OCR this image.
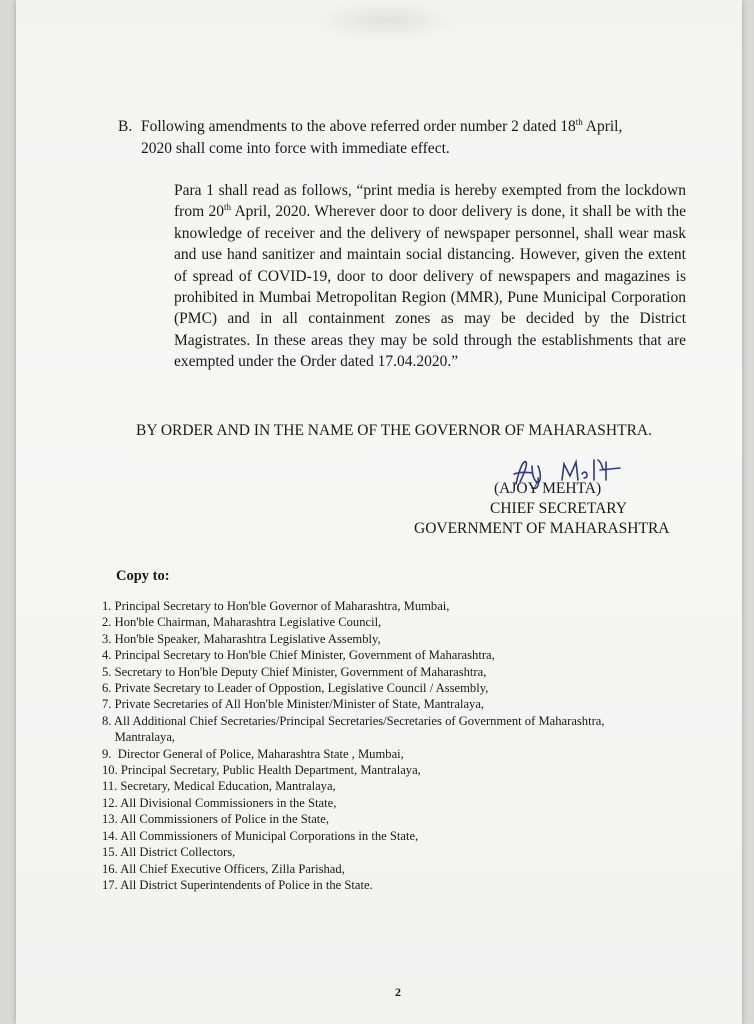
B. Following amendments to the above referred order number 2 dated 18th April,
2020 shall come into force with immediate effect.

Para 1 shall read as follows, “print media is hereby exempted from the lockdown from 20th April, 2020. Wherever door to door delivery is done, it shall be with the knowledge of receiver and the delivery of newspaper personnel, shall wear mask and use hand sanitizer and maintain social distancing. However, given the extent of spread of COVID-19, door to door delivery of newspapers and magazines is prohibited in Mumbai Metropolitan Region (MMR), Pune Municipal Corporation (PMC) and in all containment zones as may be decided by the District Magistrates. In these areas they may be sold through the establishments that are exempted under the Order dated 17.04.2020.”

BY ORDER AND IN THE NAME OF THE GOVERNOR OF MAHARASHTRA.

(AJOY MEHTA)
CHIEF SECRETARY
GOVERNMENT OF MAHARASHTRA
Copy to:
1. Principal Secretary to Hon'ble Governor of Maharashtra, Mumbai,
2. Hon'ble Chairman, Maharashtra Legislative Council,
3. Hon'ble Speaker, Maharashtra Legislative Assembly,
4. Principal Secretary to Hon'ble Chief Minister, Government of Maharashtra,
5. Secretary to Hon'ble Deputy Chief Minister, Government of Maharashtra,
6. Private Secretary to Leader of Oppostion, Legislative Council / Assembly,
7. Private Secretaries of All Hon'ble Minister/Minister of State, Mantralaya,
8. All Additional Chief Secretaries/Principal Secretaries/Secretaries of Government of Maharashtra,
Mantralaya,
9.  Director General of Police, Maharashtra State , Mumbai,
10. Principal Secretary, Public Health Department, Mantralaya,
11. Secretary, Medical Education, Mantralaya,
12. All Divisional Commissioners in the State,
13. All Commissioners of Police in the State,
14. All Commissioners of Municipal Corporations in the State,
15. All District Collectors,
16. All Chief Executive Officers, Zilla Parishad,
17. All District Superintendents of Police in the State.
2
